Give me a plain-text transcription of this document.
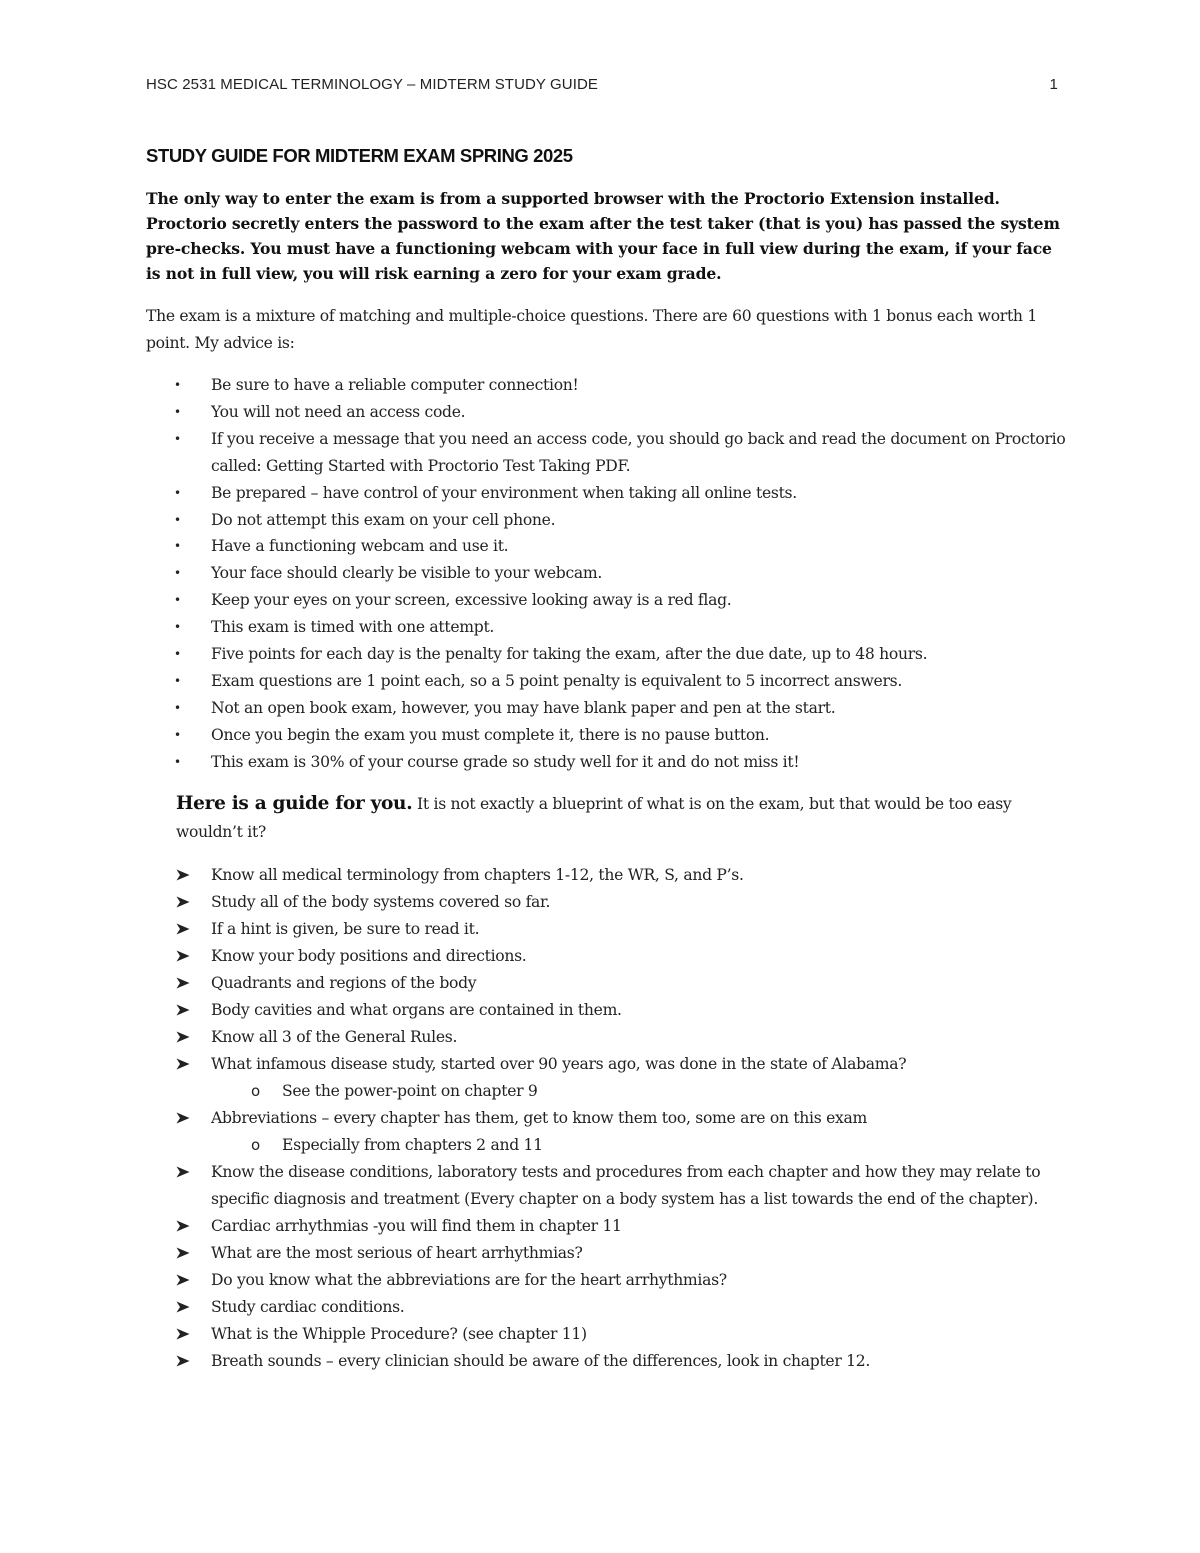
HSC 2531 MEDICAL TERMINOLOGY – MIDTERM STUDY GUIDE	1
STUDY GUIDE FOR MIDTERM EXAM SPRING 2025

The only way to enter the exam is from a supported browser with the Proctorio Extension installed. Proctorio secretly enters the password to the exam after the test taker (that is you) has passed the system pre-checks. You must have a functioning webcam with your face in full view during the exam, if your face is not in full view, you will risk earning a zero for your exam grade.

The exam is a mixture of matching and multiple-choice questions. There are 60 questions with 1 bonus each worth 1 point. My advice is:

• Be sure to have a reliable computer connection!
• You will not need an access code.
• If you receive a message that you need an access code, you should go back and read the document on Proctorio called: Getting Started with Proctorio Test Taking PDF.
• Be prepared – have control of your environment when taking all online tests.
• Do not attempt this exam on your cell phone.
• Have a functioning webcam and use it.
• Your face should clearly be visible to your webcam.
• Keep your eyes on your screen, excessive looking away is a red flag.
• This exam is timed with one attempt.
• Five points for each day is the penalty for taking the exam, after the due date, up to 48 hours.
• Exam questions are 1 point each, so a 5 point penalty is equivalent to 5 incorrect answers.
• Not an open book exam, however, you may have blank paper and pen at the start.
• Once you begin the exam you must complete it, there is no pause button.
• This exam is 30% of your course grade so study well for it and do not miss it!

Here is a guide for you. It is not exactly a blueprint of what is on the exam, but that would be too easy wouldn’t it?

Know all medical terminology from chapters 1-12, the WR, S, and P’s.
Study all of the body systems covered so far.
If a hint is given, be sure to read it.
Know your body positions and directions.
Quadrants and regions of the body
Body cavities and what organs are contained in them.
Know all 3 of the General Rules.
What infamous disease study, started over 90 years ago, was done in the state of Alabama?
o See the power-point on chapter 9
Abbreviations – every chapter has them, get to know them too, some are on this exam
o Especially from chapters 2 and 11
Know the disease conditions, laboratory tests and procedures from each chapter and how they may relate to specific diagnosis and treatment (Every chapter on a body system has a list towards the end of the chapter).
Cardiac arrhythmias -you will find them in chapter 11
What are the most serious of heart arrhythmias?
Do you know what the abbreviations are for the heart arrhythmias?
Study cardiac conditions.
What is the Whipple Procedure? (see chapter 11)
Breath sounds – every clinician should be aware of the differences, look in chapter 12.
